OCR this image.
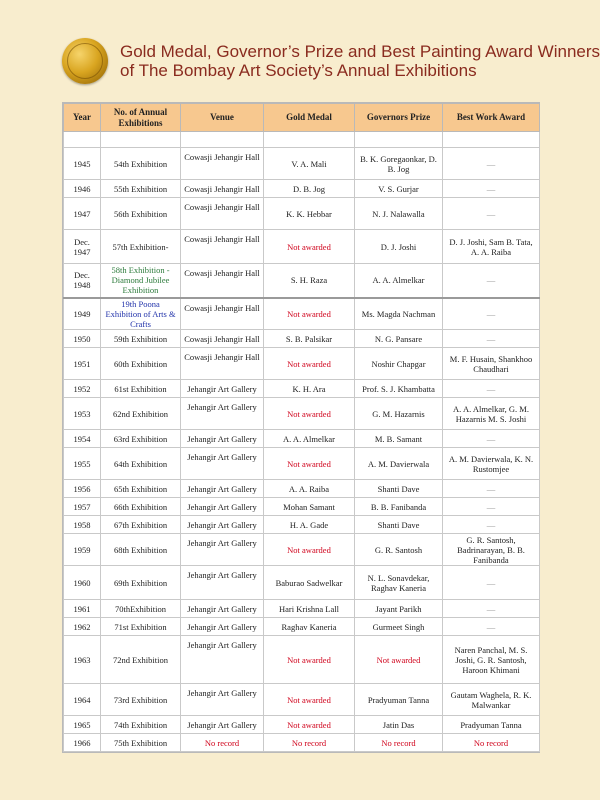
Gold Medal, Governor’s Prize and Best Painting Award Winners
of The Bombay Art Society’s Annual Exhibitions
Year	No. of Annual Exhibitions	Venue	Gold Medal	Governors Prize	Best Work Award

1945	54th Exhibition	Cowasji Jehangir Hall	V. A. Mali	B. K. Goregaonkar, D. B. Jog	—
1946	55th Exhibition	Cowasji Jehangir Hall	D. B. Jog	V. S. Gurjar	—
1947	56th Exhibition	Cowasji Jehangir Hall	K. K. Hebbar	N. J. Nalawalla	—
Dec. 1947	57th Exhibition-	Cowasji Jehangir Hall	Not awarded	D. J. Joshi	D. J. Joshi, Sam B. Tata, A. A. Raiba
Dec. 1948	58th Exhibition - Diamond Jubilee Exhibition	Cowasji Jehangir Hall	S. H. Raza	A. A. Almelkar	—
1949	19th Poona Exhibition of Arts & Crafts	Cowasji Jehangir Hall	Not awarded	Ms. Magda Nachman	—
1950	59th Exhibition	Cowasji Jehangir Hall	S. B. Palsikar	N. G. Pansare	—
1951	60th Exhibition	Cowasji Jehangir Hall	Not awarded	Noshir Chapgar	M. F. Husain, Shankhoo Chaudhari
1952	61st Exhibition	Jehangir Art Gallery	K. H. Ara	Prof. S. J. Khambatta	—
1953	62nd Exhibition	Jehangir Art Gallery	Not awarded	G. M. Hazarnis	A. A. Almelkar, G. M. Hazarnis M. S. Joshi
1954	63rd Exhibition	Jehangir Art Gallery	A. A. Almelkar	M. B. Samant	—
1955	64th Exhibition	Jehangir Art Gallery	Not awarded	A. M. Davierwala	A. M. Davierwala, K. N. Rustomjee
1956	65th Exhibition	Jehangir Art Gallery	A. A. Raiba	Shanti Dave	—
1957	66th Exhibition	Jehangir Art Gallery	Mohan Samant	B. B. Fanibanda	—
1958	67th Exhibition	Jehangir Art Gallery	H. A. Gade	Shanti Dave	—
1959	68th Exhibition	Jehangir Art Gallery	Not awarded	G. R. Santosh	G. R. Santosh, Badrinarayan, B. B. Fanibanda
1960	69th Exhibition	Jehangir Art Gallery	Baburao Sadwelkar	N. L. Sonavdekar, Raghav Kaneria	—
1961	70thExhibition	Jehangir Art Gallery	Hari Krishna Lall	Jayant Parikh	—
1962	71st Exhibition	Jehangir Art Gallery	Raghav Kaneria	Gurmeet Singh	—
1963	72nd Exhibition	Jehangir Art Gallery	Not awarded	Not awarded	Naren Panchal, M. S. Joshi, G. R. Santosh, Haroon Khimani
1964	73rd Exhibition	Jehangir Art Gallery	Not awarded	Pradyuman Tanna	Gautam Waghela, R. K. Malwankar
1965	74th Exhibition	Jehangir Art Gallery	Not awarded	Jatin Das	Pradyuman Tanna
1966	75th Exhibition	No record	No record	No record	No record
